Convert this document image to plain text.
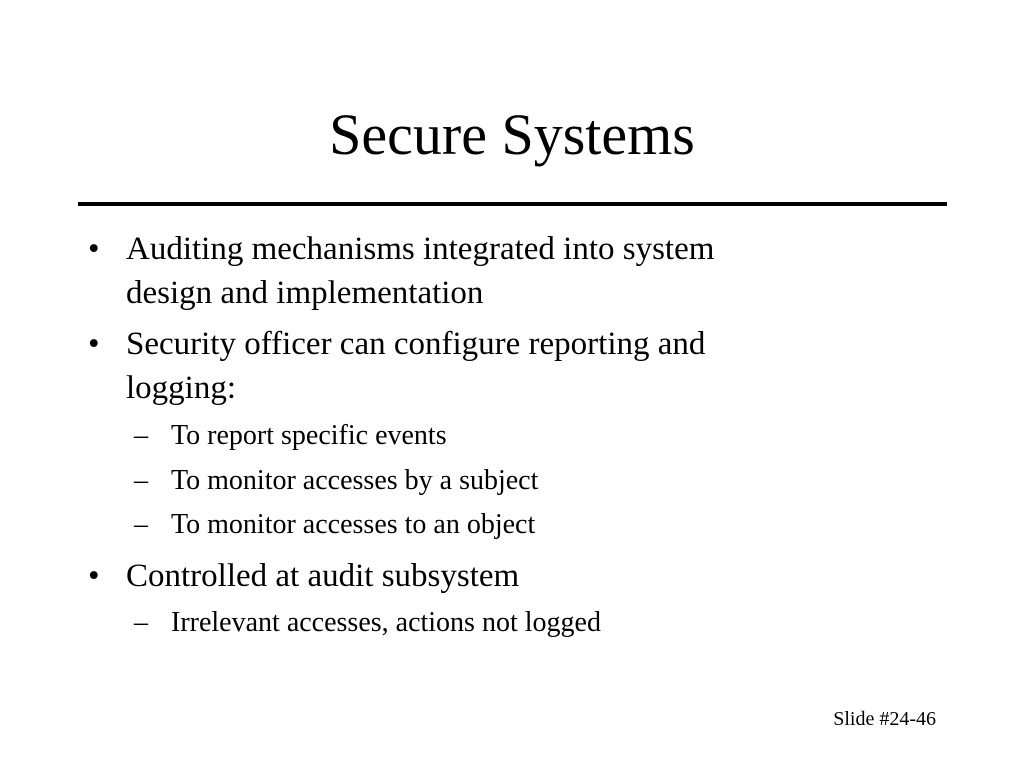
Secure Systems
• Auditing mechanisms integrated into system
design and implementation
• Security officer can configure reporting and
logging:
– To report specific events
– To monitor accesses by a subject
– To monitor accesses to an object
• Controlled at audit subsystem
– Irrelevant accesses, actions not logged
Slide #24-46
